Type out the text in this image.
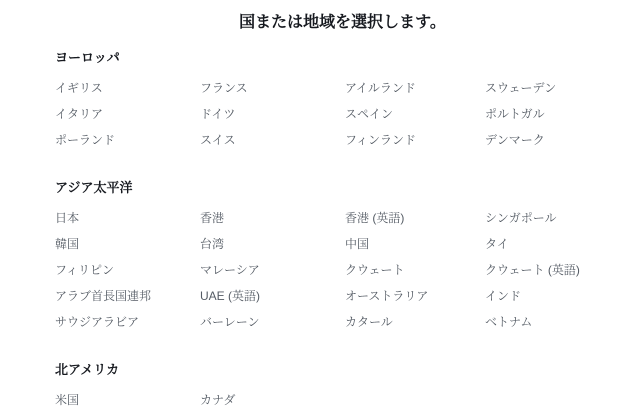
国または地域を選択します。
ヨーロッパ
イギリス	フランス	アイルランド	スウェーデン
イタリア	ドイツ	スペイン	ポルトガル
ポーランド	スイス	フィンランド	デンマーク
アジア太平洋
日本	香港	香港 (英語)	シンガポール
韓国	台湾	中国	タイ
フィリピン	マレーシア	クウェート	クウェート (英語)
アラブ首長国連邦	UAE (英語)	オーストラリア	インド
サウジアラビア	バーレーン	カタール	ベトナム
北アメリカ
米国	カナダ
